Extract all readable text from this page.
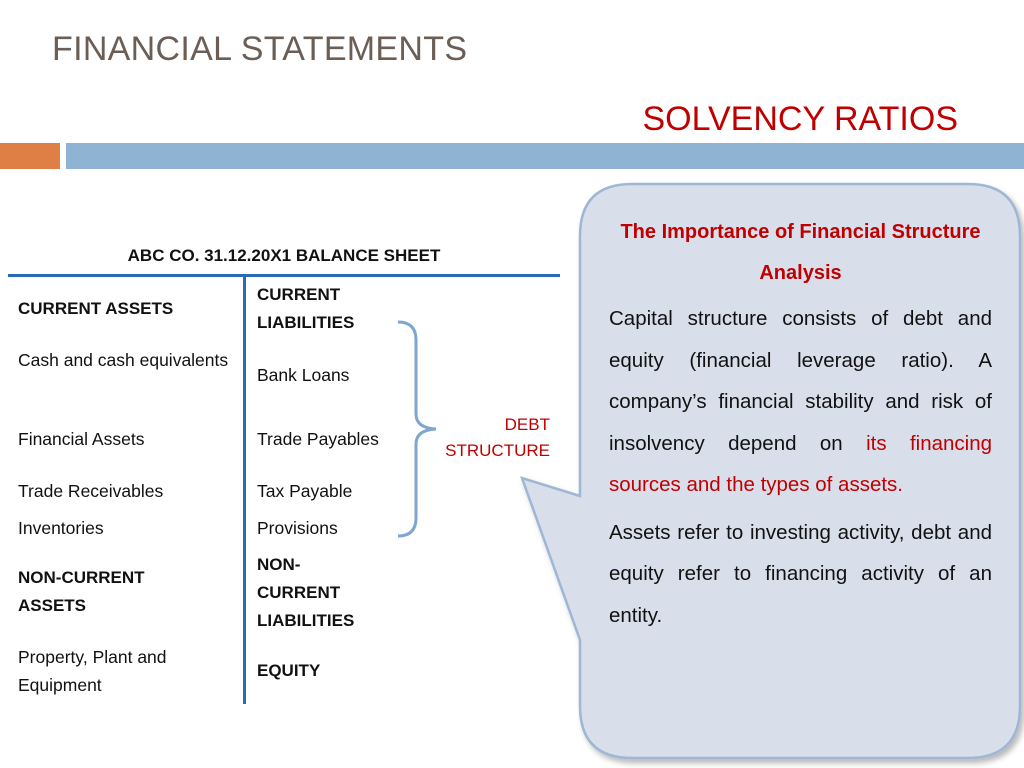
FINANCIAL STATEMENTS
SOLVENCY RATIOS
ABC CO. 31.12.20X1 BALANCE SHEET
CURRENT ASSETS
Cash and cash equivalents
Financial Assets
Trade Receivables
Inventories
NON-CURRENT ASSETS
Property, Plant and Equipment
CURRENT LIABILITIES
Bank Loans
Trade Payables
Tax Payable
Provisions
NON-CURRENT LIABILITIES
EQUITY
DEBT STRUCTURE
The Importance of Financial Structure Analysis

Capital structure consists of debt and equity (financial leverage ratio). A company’s financial stability and risk of insolvency depend on its financing sources and the types of assets.

Assets refer to investing activity, debt and equity refer to financing activity of an entity.
